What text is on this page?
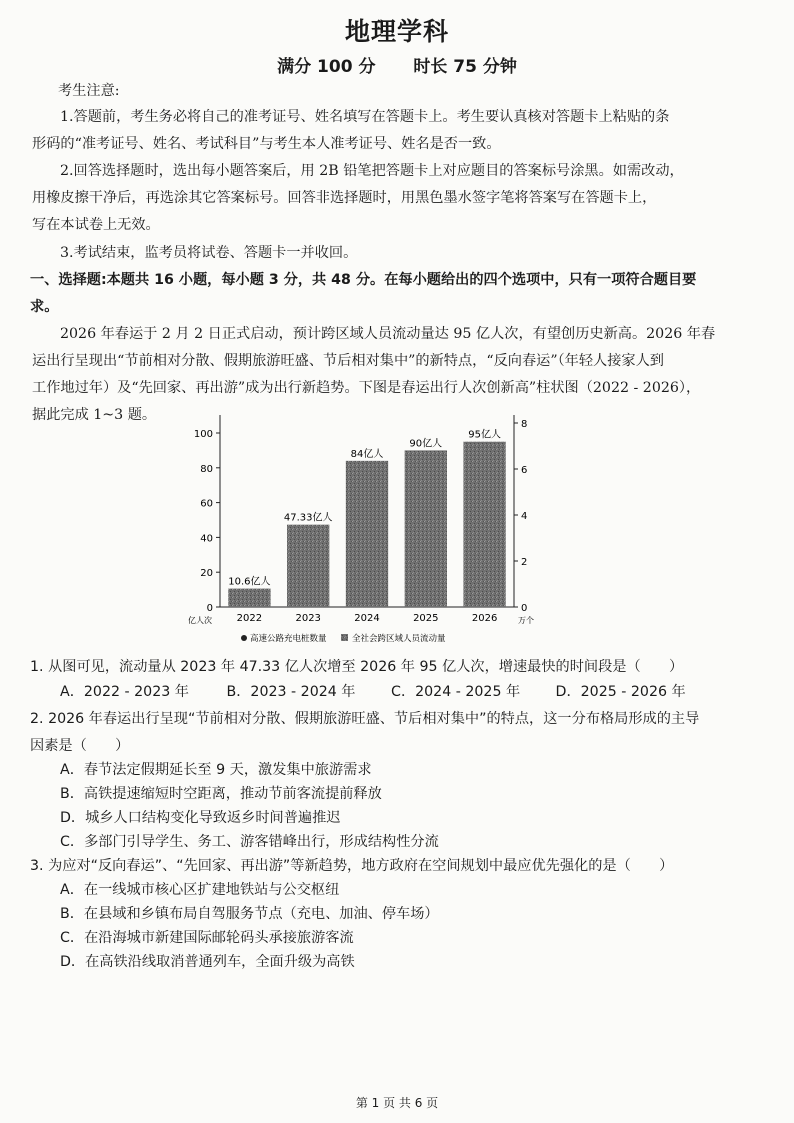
地理学科
满分 100 分 时长 75 分钟
考生注意:
1.答题前，考生务必将自己的准考证号、姓名填写在答题卡上。考生要认真核对答题卡上粘贴的条
形码的“准考证号、姓名、考试科目”与考生本人准考证号、姓名是否一致。
2.回答选择题时，选出每小题答案后，用 2B 铅笔把答题卡上对应题目的答案标号涂黑。如需改动，
用橡皮擦干净后，再选涂其它答案标号。回答非选择题时，用黑色墨水签字笔将答案写在答题卡上，
写在本试卷上无效。
3.考试结束，监考员将试卷、答题卡一并收回。
一、选择题:本题共 16 小题，每小题 3 分，共 48 分。在每小题给出的四个选项中，只有一项符合题目要
求。
2026 年春运于 2 月 2 日正式启动，预计跨区域人员流动量达 95 亿人次，有望创历史新高。2026 年春
运出行呈现出“节前相对分散、假期旅游旺盛、节后相对集中”的新特点，“反向春运”（年轻人接家人到
工作地过年）及“先回家、再出游”成为出行新趋势。下图是春运出行人次创新高”柱状图（2022 - 2026），
据此完成 1~3 题。
0
20
40
60
80
100
0
2
4
6
8
10.6亿人
47.33亿人
84亿人
90亿人
95亿人
2022	2023	2024	2025	2026
亿人次	万个
高速公路充电桩数量	全社会跨区域人员流动量
1. 从图可见，流动量从 2023 年 47.33 亿人次增至 2026 年 95 亿人次，增速最快的时间段是（　　）
A．2022 - 2023 年	B．2023 - 2024 年	C．2024 - 2025 年 D．2025 - 2026 年
2. 2026 年春运出行呈现“节前相对分散、假期旅游旺盛、节后相对集中”的特点，这一分布格局形成的主导
因素是（　　）
A．春节法定假期延长至 9 天，激发集中旅游需求
B．高铁提速缩短时空距离，推动节前客流提前释放
D．城乡人口结构变化导致返乡时间普遍推迟
C．多部门引导学生、务工、游客错峰出行，形成结构性分流
3. 为应对“反向春运”、“先回家、再出游”等新趋势，地方政府在空间规划中最应优先强化的是（　　）
A．在一线城市核心区扩建地铁站与公交枢纽
B．在县域和乡镇布局自驾服务节点（充电、加油、停车场）
C．在沿海城市新建国际邮轮码头承接旅游客流
D．在高铁沿线取消普通列车，全面升级为高铁
第 1 页 共 6 页
